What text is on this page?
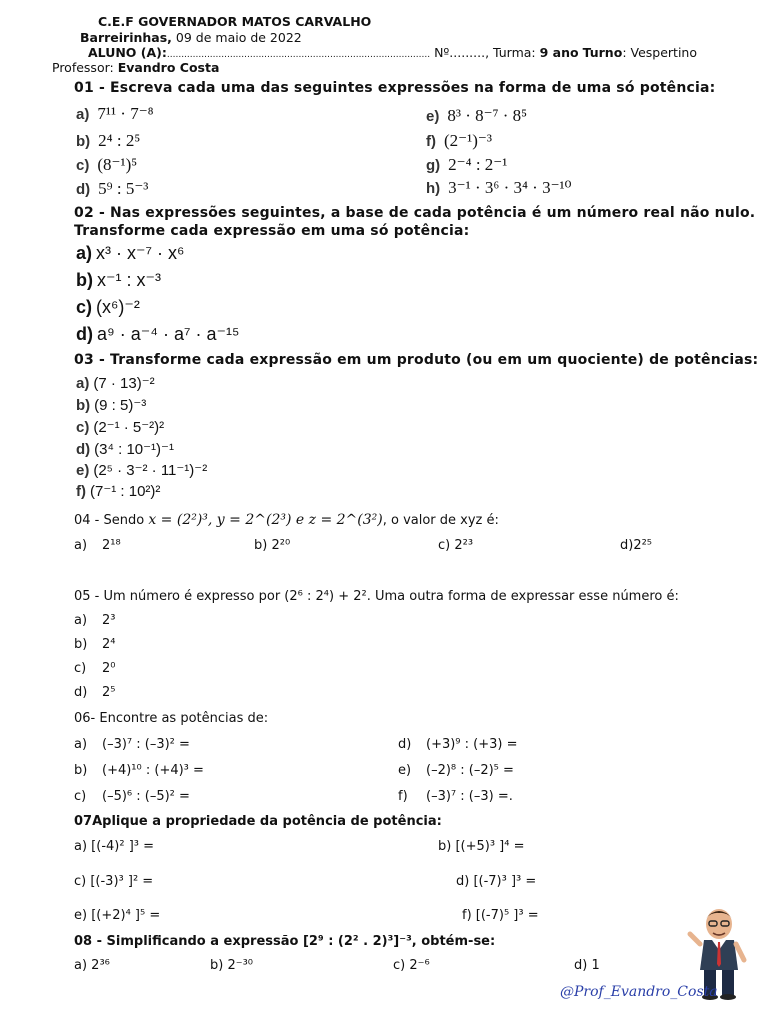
C.E.F GOVERNADOR MATOS CARVALHO
Barreirinhas, 09 de maio de 2022
ALUNO (A):............................................................................................ Nº........., Turma: 9 ano Turno: Vespertino
Professor: Evandro Costa
01 - Escreva cada uma das seguintes expressões na forma de uma só potência:
a) 7¹¹ · 7⁻⁸
b) 2⁴ : 2⁵
c) (8⁻¹)⁵
d) 5⁹ : 5⁻³
e) 8³ · 8⁻⁷ · 8⁵
f) (2⁻¹)⁻³
g) 2⁻⁴ : 2⁻¹
h) 3⁻¹ · 3⁶ · 3⁴ · 3⁻¹⁰
02 - Nas expressões seguintes, a base de cada potência é um número real não nulo.
Transforme cada expressão em uma só potência:
a) x³ · x⁻⁷ · x⁶
b) x⁻¹ : x⁻³
c) (x⁶)⁻²
d) a⁹ · a⁻⁴ · a⁷ · a⁻¹⁵
03 - Transforme cada expressão em um produto (ou em um quociente) de potências:
a) (7 · 13)⁻²
b) (9 : 5)⁻³
c) (2⁻¹ · 5⁻²)²
d) (3⁴ : 10⁻¹)⁻¹
e) (2⁵ · 3⁻² · 11⁻¹)⁻²
f) (7⁻¹ : 10²)²
04 - Sendo x = (2²)³, y = 2^(2³) e z = 2^(3²), o valor de xyz é:
a) 2¹⁸	b) 2²⁰	c) 2²³	d)2²⁵
05 - Um número é expresso por (2⁶ : 2⁴) + 2². Uma outra forma de expressar esse número é:
a) 2³
b) 2⁴
c) 2⁰
d) 2⁵
06- Encontre as potências de:
a) (–3)⁷ : (–3)² =
b) (+4)¹⁰ : (+4)³ =
c) (–5)⁶ : (–5)² =
d) (+3)⁹ : (+3) =
e) (–2)⁸ : (–2)⁵ =
f) (–3)⁷ : (–3) =.
07Aplique a propriedade da potência de potência:
a) [(-4)² ]³ =	b) [(+5)³ ]⁴ =
c) [(-3)³ ]² =	d) [(-7)³ ]³ =
e) [(+2)⁴ ]⁵ =	f) [(-7)⁵ ]³ =
08 - Simplificando a expressão [2⁹ : (2² . 2)³]⁻³, obtém-se:
a) 2³⁶	b) 2⁻³⁰	c) 2⁻⁶	d) 1
@Prof_Evandro_Costa
